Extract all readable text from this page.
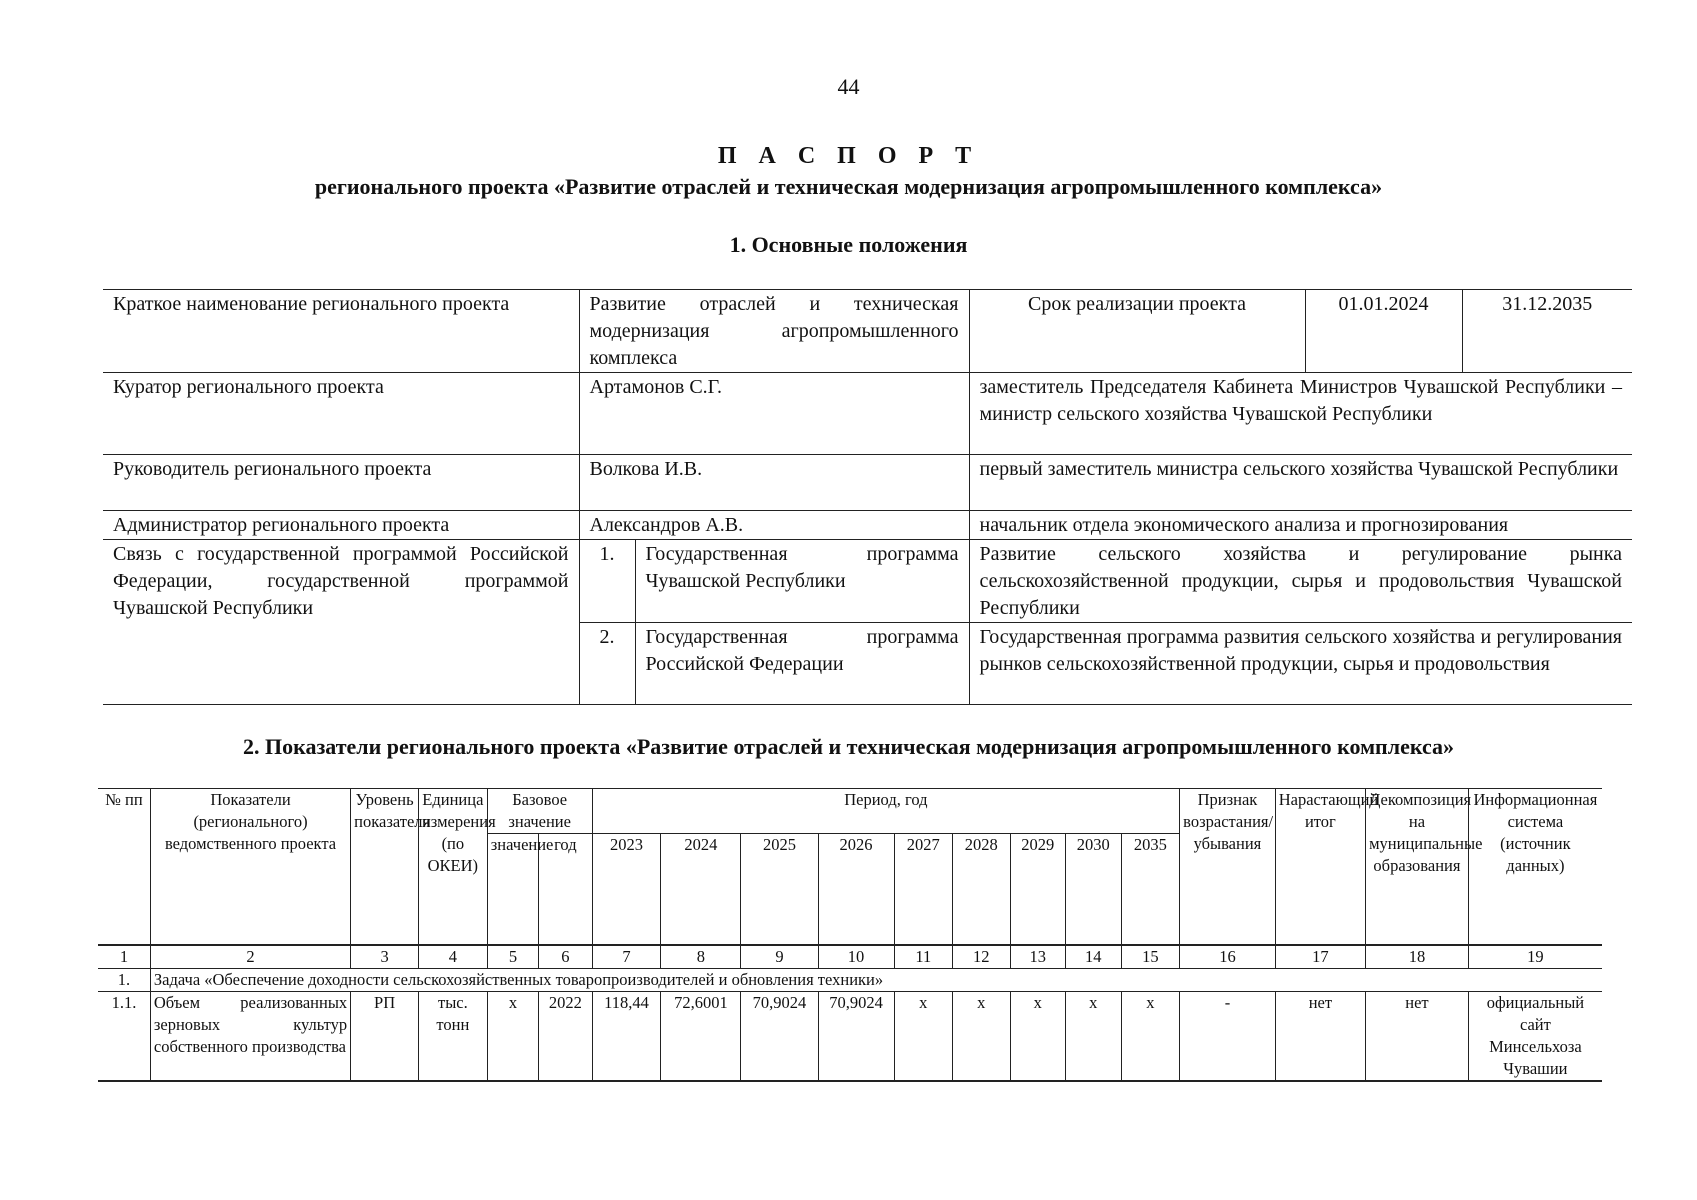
44
П А С П О Р Т
регионального проекта «Развитие отраслей и техническая модернизация агропромышленного комплекса»
1. Основные положения
Краткое наименование регионального проекта	Развитие отраслей и техническая модернизация агропромышленного комплекса		Срок реализации проекта	01.01.2024	31.12.2035
Куратор регионального проекта	Артамонов С.Г.		заместитель Председателя Кабинета Министров Чувашской Республики – министр сельского хозяйства Чувашской Республики		
Руководитель регионального проекта	Волкова И.В.		первый заместитель министра сельского хозяйства Чувашской Республики		
Администратор регионального проекта	Александров А.В.		начальник отдела экономического анализа и прогнозирования		
Связь с государственной программой Российской Федерации, государственной программой Чувашской Республики	1.	Государственная программа Чувашской Республики	Развитие сельского хозяйства и регулирование рынка сельскохозяйственной продукции, сырья и продовольствия Чувашской Республики		
	2.	Государственная программа Российской Федерации	Государственная программа развития сельского хозяйства и регулирования рынков сельскохозяйственной продукции, сырья и продовольствия		
2. Показатели регионального проекта «Развитие отраслей и техническая модернизация агропромышленного комплекса»
№ пп	Показатели (регионального) ведомственного проекта	Уровень показателя	Единица измерения (по ОКЕИ)	Базовое значение		Период, год									Признак возрастания/ убывания	Нарастающий итог	Декомпозиция на муниципальные образования	Информационная система (источник данных)
				значение	год	2023	2024	2025	2026	2027	2028	2029	2030	2035				
1	2	3	4	5	6	7	8	9	10	11	12	13	14	15	16	17	18	19
1.	Задача «Обеспечение доходности сельскохозяйственных товаропроизводителей и обновления техники»																	
1.1.	Объем реализованных зерновых культур собственного производства	РП	тыс. тонн	х	2022	118,44	72,6001	70,9024	70,9024	х	х	х	х	х	-	нет	нет	официальный сайт Минсельхоза Чувашии
